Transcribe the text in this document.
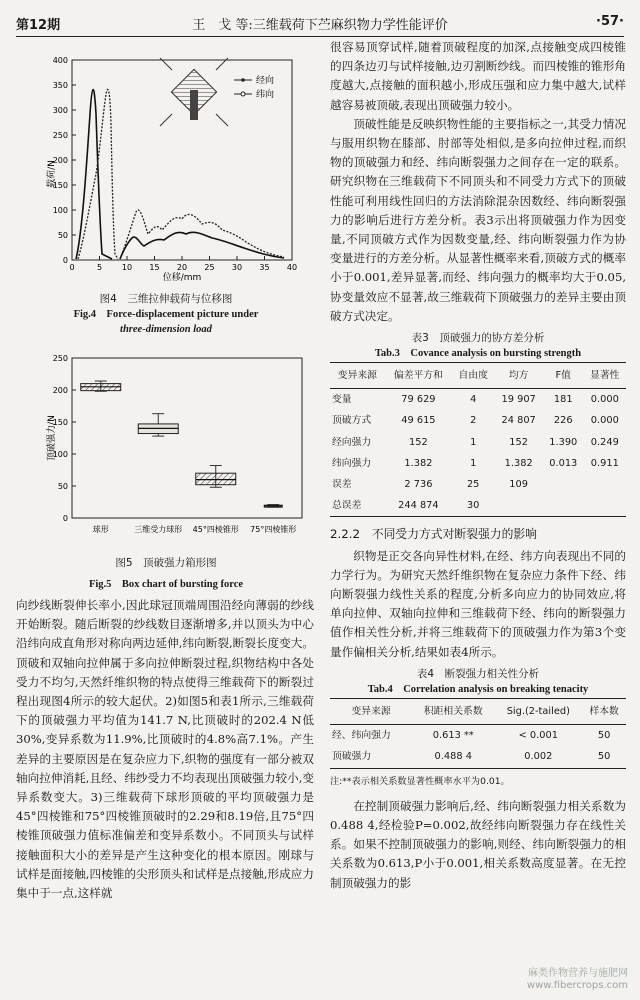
第12期	王　戈 等:三维载荷下苎麻织物力学性能评价	·57·
载荷/N
0
50
100
150
200
250
300
350
400
0	5 10 15 20 25 30 35 40
位移/mm
经向
纬向
图4　三维拉伸载荷与位移图
Fig.4　Force-displacement picture under
three-dimension load
顶破强力/N
0
50
100
150
200
250
球形	三维受力球形 45°四棱锥形 75°四棱锥形
图5　顶破强力箱形图
Fig.5　Box chart of bursting force

向纱线断裂伸长率小,因此球冠顶端周围沿经向薄弱的纱线开始断裂。随后断裂的纱线数目逐渐增多,并以顶头为中心沿纬向成直角形对称向两边延伸,纬向断裂,断裂长度变大。顶破和双轴向拉伸属于多向拉伸断裂过程,织物结构中各处受力不均匀,天然纤维织物的特点使得三维载荷下的断裂过程出现图4所示的较大起伏。2)如图5和表1所示,三维载荷下的顶破强力平均值为141.7 N,比顶破时的202.4 N低30%,变异系数为11.9%,比顶破时的4.8%高7.1%。产生差异的主要原因是在复杂应力下,织物的强度有一部分被双轴向拉伸消耗,且经、纬纱受力不均表现出顶破强力较小,变异系数变大。3)三维载荷下球形顶破的平均顶破强力是45°四棱锥和75°四棱锥顶破时的2.29和8.19倍,且75°四棱锥顶破强力值标准偏差和变异系数小。不同顶头与试样接触面积大小的差异是产生这种变化的根本原因。刚球与试样是面接触,四棱锥的尖形顶头和试样是点接触,形成应力集中于一点,这样就

很容易顶穿试样,随着顶破程度的加深,点接触变成四棱锥的四条边刃与试样接触,边刃割断纱线。而四棱锥的锥形角度越大,点接触的面积越小,形成压强和应力集中越大,试样越容易被顶破,表现出顶破强力较小。

顶破性能是反映织物性能的主要指标之一,其受力情况与服用织物在膝部、肘部等处相似,是多向拉伸过程,而织物的顶破强力和经、纬向断裂强力之间存在一定的联系。研究织物在三维载荷下不同顶头和不同受力方式下的顶破性能可利用线性回归的方法消除混杂因数经、纬向断裂强力的影响后进行方差分析。表3示出将顶破强力作为因变量,不同顶破方式作为因数变量,经、纬向断裂强力作为协变量进行的方差分析。从显著性概率来看,顶破方式的概率小于0.001,差异显著,而经、纬向强力的概率均大于0.05,协变量效应不显著,故三维载荷下顶破强力的差异主要由顶破方式决定。

表3　顶破强力的协方差分析
Tab.3　Covance analysis on bursting strength
变异来源	偏差平方和	自由度	均方	F值	显著性
变量	79 629	4	19 907	181	0.000
顶破方式	49 615	2	24 807	226	0.000
经向强力	152	1	152	1.390	0.249
纬向强力	1.382	1	1.382	0.013	0.911
误差	2 736	25	109		
总误差	244 874	30			
2.2.2　不同受力方式对断裂强力的影响

织物是正交各向异性材料,在经、纬方向表现出不同的力学行为。为研究天然纤维织物在复杂应力条件下经、纬向断裂强力线性关系的程度,分析多向应力的协同效应,将单向拉伸、双轴向拉伸和三维载荷下经、纬向的断裂强力值作相关性分析,并将三维载荷下的顶破强力作为第3个变量作偏相关分析,结果如表4所示。

表4　断裂强力相关性分析
Tab.4　Correlation analysis on breaking tenacity
变异来源	积距相关系数	Sig.(2-tailed)	样本数
经、纬向强力	0.613 **	< 0.001	50
顶破强力	0.488 4	0.002	50
注:**表示相关系数显著性概率水平为0.01。

在控制顶破强力影响后,经、纬向断裂强力相关系数为0.488 4,经检验P=0.002,故经纬向断裂强力存在线性关系。如果不控制顶破强力的影响,则经、纬向断裂强力的相关系数为0.613,P小于0.001,相关系数高度显著。在无控制顶破强力的影

麻类作物营养与施肥网
www.fibercrops.com
